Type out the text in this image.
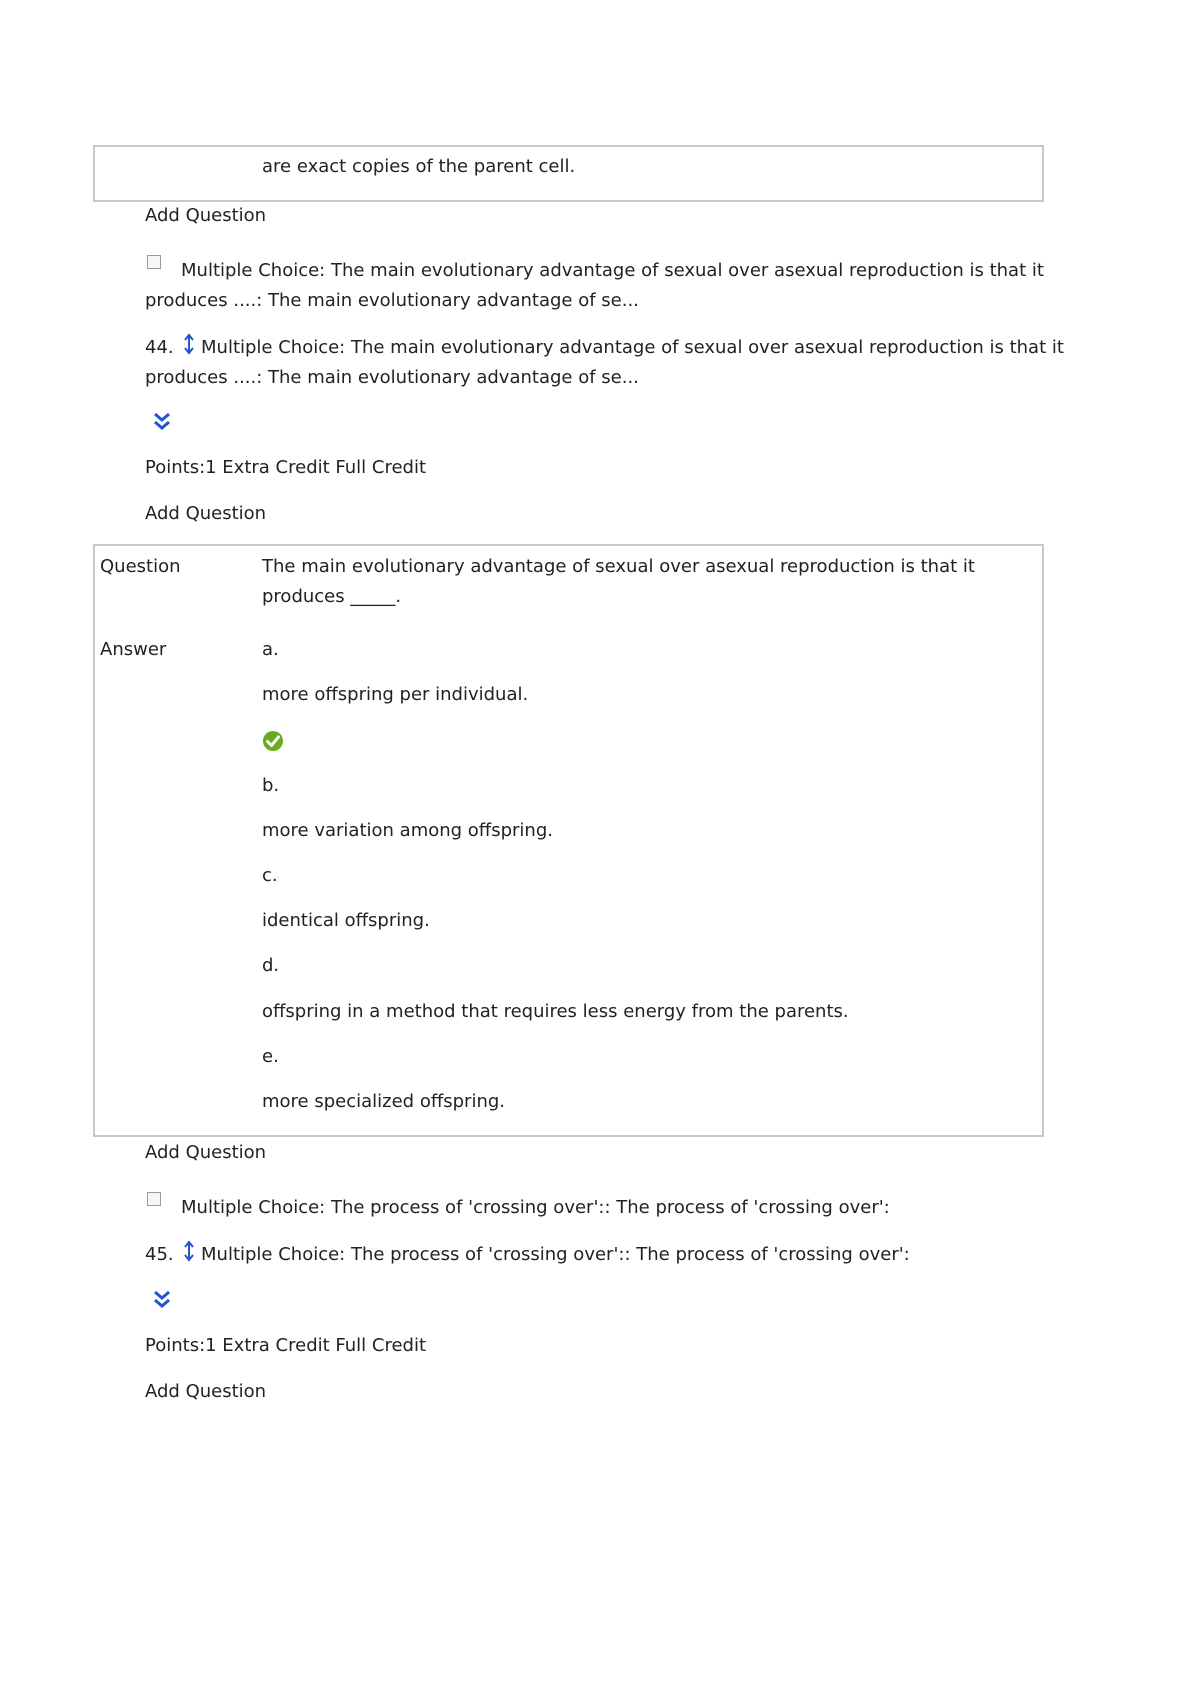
are exact copies of the parent cell.
Add Question
Multiple Choice: The main evolutionary advantage of sexual over asexual reproduction is that it produces ....: The main evolutionary advantage of se...
44.	Multiple Choice: The main evolutionary advantage of sexual over asexual reproduction is that it produces ....: The main evolutionary advantage of se...
Points:1 Extra Credit Full Credit
Add Question
Question	The main evolutionary advantage of sexual over asexual reproduction is that it produces _____.
Answer	a.
more offspring per individual.
b.
more variation among offspring.
c.
identical offspring.
d.
offspring in a method that requires less energy from the parents.
e.
more specialized offspring.
Add Question
Multiple Choice: The process of 'crossing over':: The process of 'crossing over':
45. Multiple Choice: The process of 'crossing over':: The process of 'crossing over':
Points:1 Extra Credit Full Credit
Add Question
